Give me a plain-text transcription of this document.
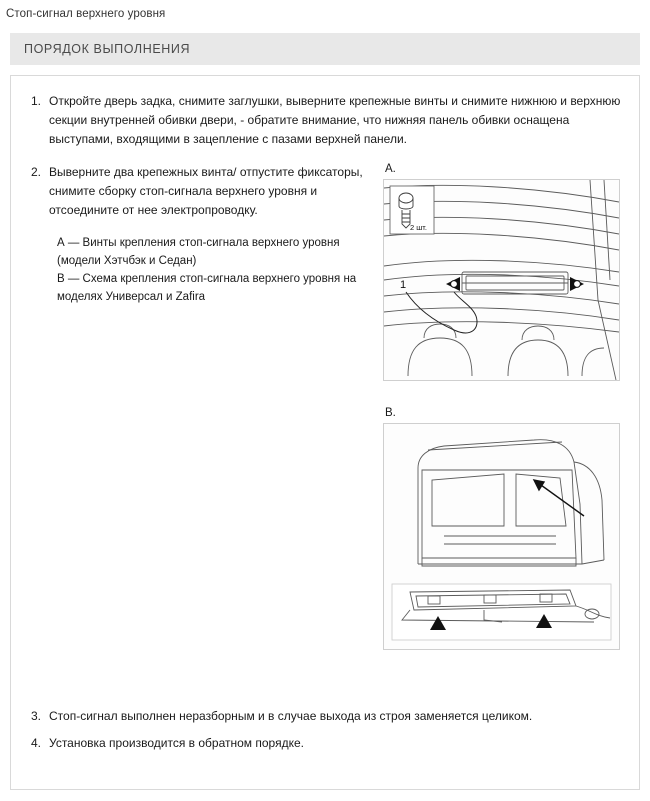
Стоп-сигнал верхнего уровня
ПОРЯДОК ВЫПОЛНЕНИЯ
1. Откройте дверь задка, снимите заглушки, выверните крепежные винты и снимите нижнюю и верхнюю секции внутренней обивки двери, - обратите внимание, что нижняя панель обивки оснащена выступами, входящими в зацепление с пазами верхней панели.
2. Выверните два крепежных винта/ отпустите фиксаторы, снимите сборку стоп-сигнала верхнего уровня и отсоедините от нее электропроводку.
А — Винты крепления стоп-сигнала верхнего уровня (модели Хэтчбэк и Седан)
В — Схема крепления стоп-сигнала верхнего уровня на моделях Универсал и Zafira
А.
1
2 шт.
В.
3. Стоп-сигнал выполнен неразборным и в случае выхода из строя заменяется целиком.
4. Установка производится в обратном порядке.
